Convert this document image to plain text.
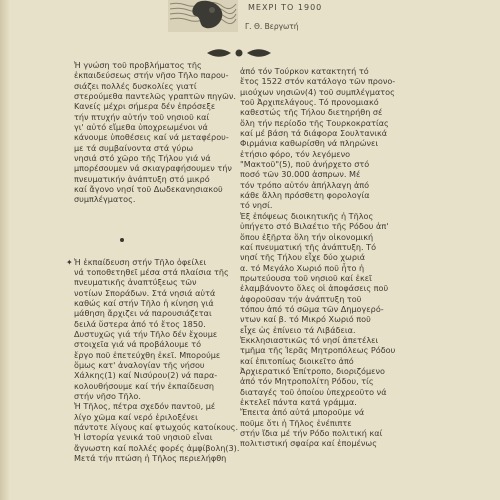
ΜΕΧΡΙ ΤΟ 1900
Γ. Θ. Βεργωτή
Ἡ γνώση τοῦ προβλήματος τῆς
ἐκπαιδεύσεως στήν νῆσο Τῆλο παρου-
σιάζει πολλές δυσκολίες γιατί
στερούμεθα παντελῶς γραπτῶν πηγῶν.
Κανείς μέχρι σήμερα δέν ἐπρόσεξε
τήν πτυχήν αὐτήν τοῦ νησιοῦ καί
γι' αὐτό εἴμεθα ὑποχρεωμένοι νά
κάνουμε ὑποθέσεις καί νά μεταφέρου-
με τά συμβαίνοντα στά γύρω
νησιά στό χῶρο τῆς Τήλου γιά νά
μπορέσουμεν νά σκιαγραφήσουμεν τήν
πνευματικήν ἀνάπτυξη στό μικρό
καί ἄγονο νησί τοῦ Δωδεκανησιακοῦ
συμπλέγματος.

Ἡ ἐκπαίδευση στήν Τῆλο ὀφείλει
νά τοποθετηθεῖ μέσα στά πλαίσια τῆς
πνευματικῆς ἀναπτύξεως τῶν
νοτίων Σποράδων. Στά νησιά αὐτά
καθώς καί στήν Τῆλο ἡ κίνηση γιά
μάθηση ἄρχιζει νά παρουσιάζεται
δειλά ὕστερα ἀπό τό ἔτος 1850.
Δυστυχῶς γιά τήν Τῆλο δέν ἔχουμε
στοιχεῖα γιά νά προβάλουμε τό
ἔργο ποῦ ἐπετεύχθη ἐκεῖ. Μπορούμε
ὅμως κατ' ἀναλογίαν τῆς νήσου
Χάλκης(1) καί Νισύρου(2) νά παρα-
κολουθήσουμε καί τήν ἐκπαίδευση
στήν νῆσο Τῆλο.
Ἡ Τῆλος, πέτρα σχεδόν παντοῦ, μέ
λίγο χῶμα καί νερό ἐριλοξένει
πάντοτε λίγους καί φτωχούς κατοίκους.
Ἡ ἱστορία γενικά τοῦ νησιοῦ εἶναι
ἄγνωστη καί πολλές φορές ἀμφίβολη(3).
Μετά τήν πτώση ἡ Τῆλος περιελήφθη
ἀπό τόν Τούρκον κατακτητή τό
ἔτος 1522 στόν κατάλογο τῶν προνο-
μιούχων νησιῶν(4) τοῦ συμπλέγματος
τοῦ Ἀρχιπελάγους. Τό προνομιακό
καθεστώς τῆς Τήλου διετηρήθη σέ
ὅλη τήν περίοδο τῆς Τουρκοκρατίας
καί μέ βάση τά διάφορα Σουλτανικά
Φιρμάνια καθωρίσθη νά πληρώνει
ἐτήσιο φόρο, τόν λεγόμενο
"Μακτοῦ"(5), ποῦ ἀνήρχετο στό
ποσό τῶν 30.000 ἀσπρων. Μέ
τόν τρόπο αὐτόν ἀπήλλαγη ἀπό
κάθε ἄλλη πρόσθετη φορολογία
τό νησί.
Ἐξ ἐπόψεως διοικητικῆς ἡ Τῆλος
ὑπήγετο στό Βιλαέτιο τῆς Ρόδου ἀπ'
ὅπου ἐξῆρτα ὅλη τήν οἰκονομική
καί πνευματική τῆς ἀνάπτυξη. Τό
νησί τῆς Τήλου εἶχε δύο χωριά
α. τό Μεγάλο Χωριό ποῦ ἦτο ἡ
πρωτεύουσα τοῦ νησιοῦ καί ἐκεῖ
ἐλαμβάνοντο ὅλες οἱ ἀποφάσεις ποῦ
ἀφοροῦσαν τήν ἀνάπτυξη τοῦ
τόπου ἀπό τό σῶμα τῶν Δημογερό-
ντων καί β. τό Μικρό Χωριό ποῦ
εἶχε ὡς ἐπίνειο τά Λιβάδεια.
Ἐκκλησιαστικῶς τό νησί ἀπετέλει
τμῆμα τῆς Ἱερᾶς Μητροπόλεως Ρόδου
καί ἐπιτοπίως διοικεῖτο ἀπό
Ἀρχιερατικό Ἐπίτροπο, διοριζόμενο
ἀπό τόν Μητροπολίτη Ρόδου, τίς
διαταγές τοῦ ὁποίου ὑπεχρεοῦτο νά
ἐκτελεῖ πάντα κατά γράμμα.
Ἔπειτα ἀπό αὐτά μποροῦμε νά
ποῦμε ὅτι ἡ Τῆλος ἐνέπιπτε
στήν ἴδια μέ τήν Ρόδο πολιτική καί
πολιτιστική σφαίρα καί ἑπομένως
✦
